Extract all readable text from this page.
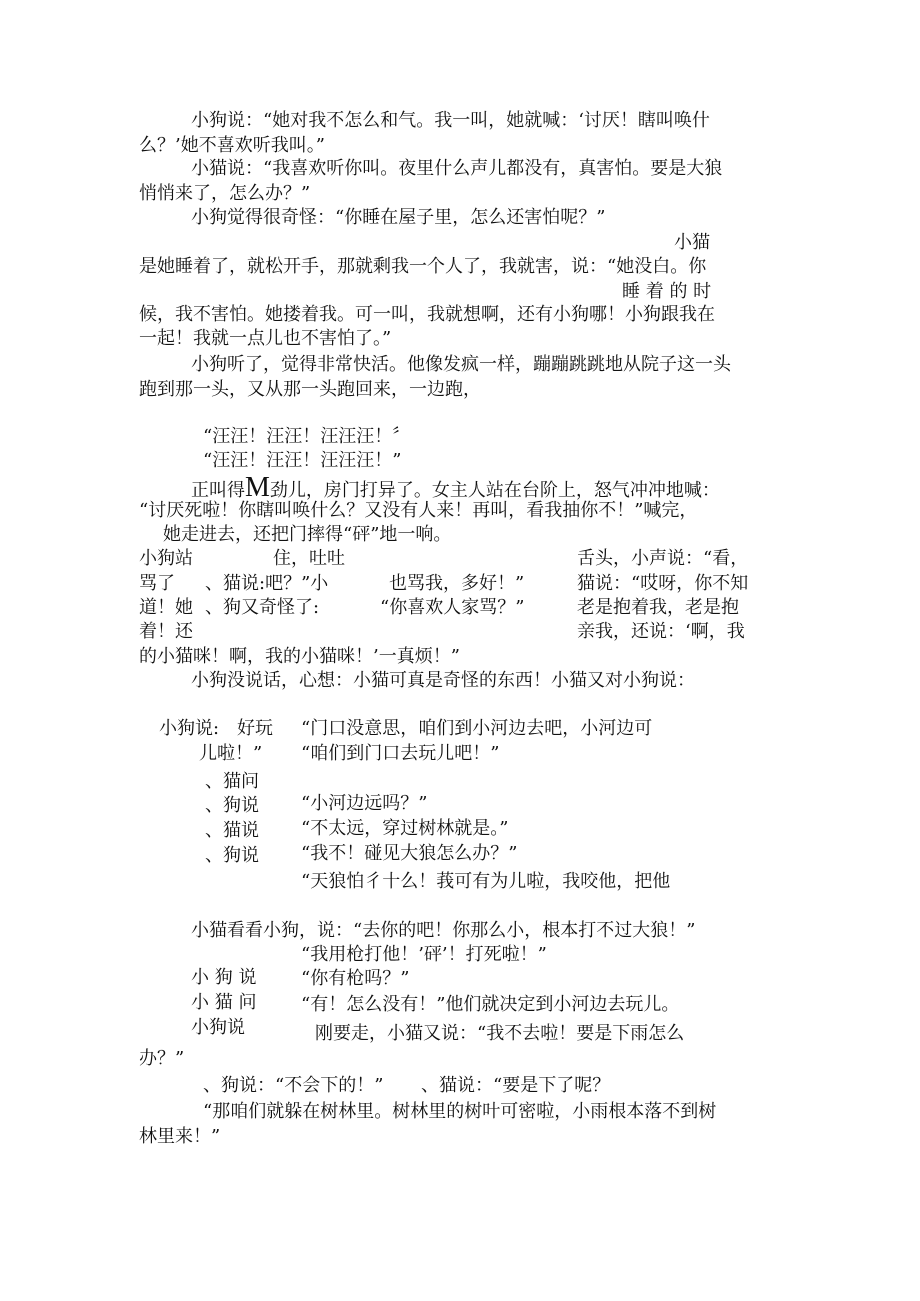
小狗说：“她对我不怎么和气。我一叫，她就喊：‘讨厌！瞎叫唤什
么？’她不喜欢听我叫。”
小猫说：“我喜欢听你叫。夜里什么声儿都没有，真害怕。要是大狼
悄悄来了，怎么办？”
小狗觉得很奇怪：“你睡在屋子里，怎么还害怕呢？”
小猫
是她睡着了，就松开手，那就剩我一个人了，我就害，说：“她没白。你
睡 着 的 时
候，我不害怕。她搂着我。可一叫，我就想啊，还有小狗哪！小狗跟我在
一起！我就一点儿也不害怕了。”
小狗听了，觉得非常快活。他像发疯一样，蹦蹦跳跳地从院子这一头
跑到那一头，又从那一头跑回来，一边跑，
“汪汪！汪汪！汪汪汪！〞
“汪汪！汪汪！汪汪汪！”
正叫得M劲儿，房门打异了。女主人站在台阶上，怒气冲冲地喊：
“讨厌死啦！你瞎叫唤什么？又没有人来！再叫，看我抽你不！”喊完，
她走进去，还把门摔得“砰”地一响。
小狗站	住，吐吐	舌头，小声说：“看，
骂了 、猫说:吧？”小	也骂我，多好！”	猫说：“哎呀，你不知
道！她 、狗又奇怪了:	“你喜欢人家骂？”	老是抱着我，老是抱
着！还	亲我，还说：‘啊，我
的小猫咪！啊，我的小猫咪！’一真烦！”
小狗没说话，心想：小猫可真是奇怪的东西！小猫又对小狗说：
小狗说: 好玩 “门口没意思，咱们到小河边去吧，小河边可
儿啦！” “咱们到门口去玩儿吧！”
、猫问
、狗说 “小河边远吗？”
、猫说 “不太远，穿过树林就是。”
、狗说 “我不！碰见大狼怎么办？”
“天狼怕彳十么！莪可有为儿啦，我咬他，把他
小猫看看小狗，说：“去你的吧！你那么小，根本打不过大狼！”
“我用枪打他！’砰’！打死啦！”
小 狗 说 “你有枪吗？”
小 猫 问 “有！怎么没有！”他们就决定到小河边去玩儿。
小狗说	刚要走，小猫又说：“我不去啦！要是下雨怎么
办？”
、狗说：“不会下的！” 、猫说：“要是下了呢？
“那咱们就躲在树林里。树林里的树叶可密啦，小雨根本落不到树
林里来！”
